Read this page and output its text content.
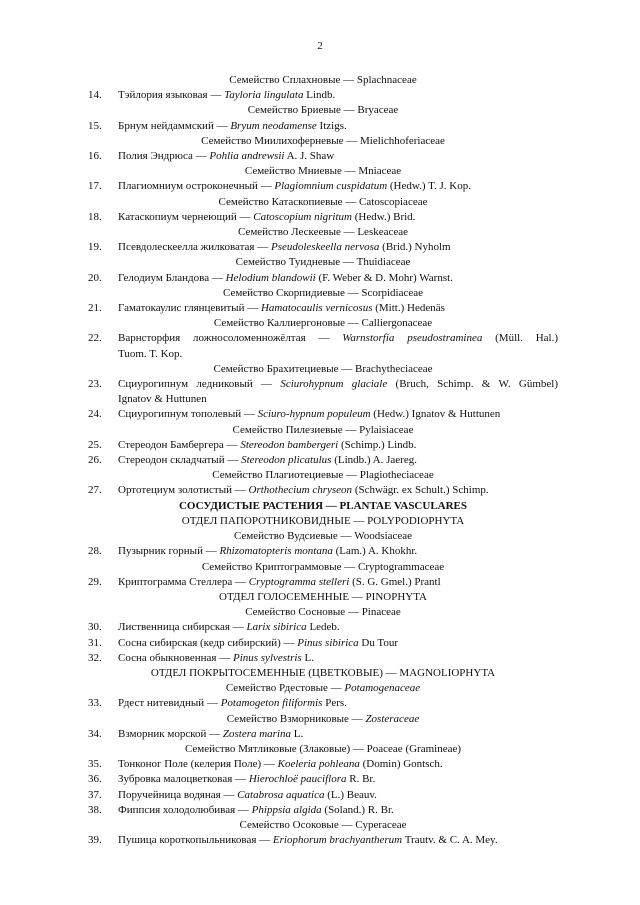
2
Семейство Сплахновые — Splachnaceae
14.	Тэйлория языковая — Tayloria lingulata Lindb.
Семейство Бриевые — Bryaceae
15.	Брнум нейдаммский — Bryum neodamense Itzigs.
Семейство Миилихоферневые — Mielichhoferiaceae
16.	Полия Эндрюса — Pohlia andrewsii A. J. Shaw
Семейство Мниевые — Mniaceae
17.	Плагиомниум остроконечный — Plagiomnium cuspidatum (Hedw.) T. J. Kop.
Семейство Катаскопиевые — Catoscopiaceae
18.	Катаскопиум чернеющий — Catoscopium nigritum (Hedw.) Brid.
Семейство Лескеевые — Leskeaceae
19.	Псевдолескеелла жилковатая — Pseudoleskeella nervosa (Brid.) Nyholm
Семейство Туидневые — Thuidiaceae
20.	Гелодиум Бландова — Helodium blandowii (F. Weber & D. Mohr) Warnst.
Семейство Скорпидиевые — Scorpidiaceae
21.	Гаматокаулис глянцевитый — Hamatocaulis vernicosus (Mitt.) Hedenäs
Семейство Каллиергоновые — Calliergonaceae
22.	Варнсторфия ложносоломенножёлтая — Warnstorfia pseudostraminea (Müll. Hal.)
Tuom. T. Kop.
Семейство Брахитециевые — Brachytheciaceae
23.	Сциурогипнум ледниковый — Sciurohypnum glaciale (Bruch, Schimp. & W. Gümbel)
Ignatov & Huttunen
24.	Сциурогипнум тополевый — Sciuro-hypnum populeum (Hedw.) Ignatov & Huttunen
Семейство Пилезиевые — Pylaisiaceae
25.	Стереодон Бамбергера — Stereodon bambergeri (Schimp.) Lindb.
26.	Стереодон складчатый — Stereodon plicatulus (Lindb.) A. Jaereg.
Семейство Плагиотециевые — Plagiotheciaceae
27.	Ортотециум золотистый — Orthothecium chryseon (Schwägr. ex Schult.) Schimp.
СОСУДИСТЫЕ РАСТЕНИЯ — PLANTAE VASCULARES
ОТДЕЛ ПАПОРОТНИКОВИДНЫЕ — POLYPODIOPHYTA
Семейство Вудсиевые — Woodsiaceae
28.	Пузырник горный — Rhizomatopteris montana (Lam.) A. Khokhr.
Семейство Криптограммовые — Cryptogrammaceae
29.	Криптограмма Стеллера — Cryptogramma stelleri (S. G. Gmel.) Prantl
ОТДЕЛ ГОЛОСЕМЕННЫЕ — PINOPHYTA
Семейство Сосновые — Pinaceae
30.	Лиственница сибирская — Larix sibirica Ledeb.
31.	Сосна сибирская (кедр сибирский) — Pinus sibirica Du Tour
32.	Сосна обыкновенная — Pinus sylvestris L.
ОТДЕЛ ПОКРЫТОСЕМЕННЫЕ (ЦВЕТКОВЫЕ) — MAGNOLIOPHYTA
Семейство Рдестовые — Potamogenaceae
33.	Рдест нитевидный — Potamogeton filiformis Pers.
Семейство Взморниковые — Zosteraceae
34.	Взморник морской — Zostera marina L.
Семейство Мятликовые (Злаковые) — Poaceae (Gramineae)
35.	Тонконог Поле (келерия Поле) — Koeleria pohleana (Domin) Gontsch.
36.	Зубровка малоцветковая — Hierochloë pauciflora R. Br.
37.	Поручейница водяная — Catabrosa aquatica (L.) Beauv.
38.	Фиппсия холодолюбивая — Phippsia algida (Soland.) R. Br.
Семейство Осоковые — Cyperaceae
39.	Пушица короткопыльниковая — Eriophorum brachyantherum Trautv. & C. A. Mey.
